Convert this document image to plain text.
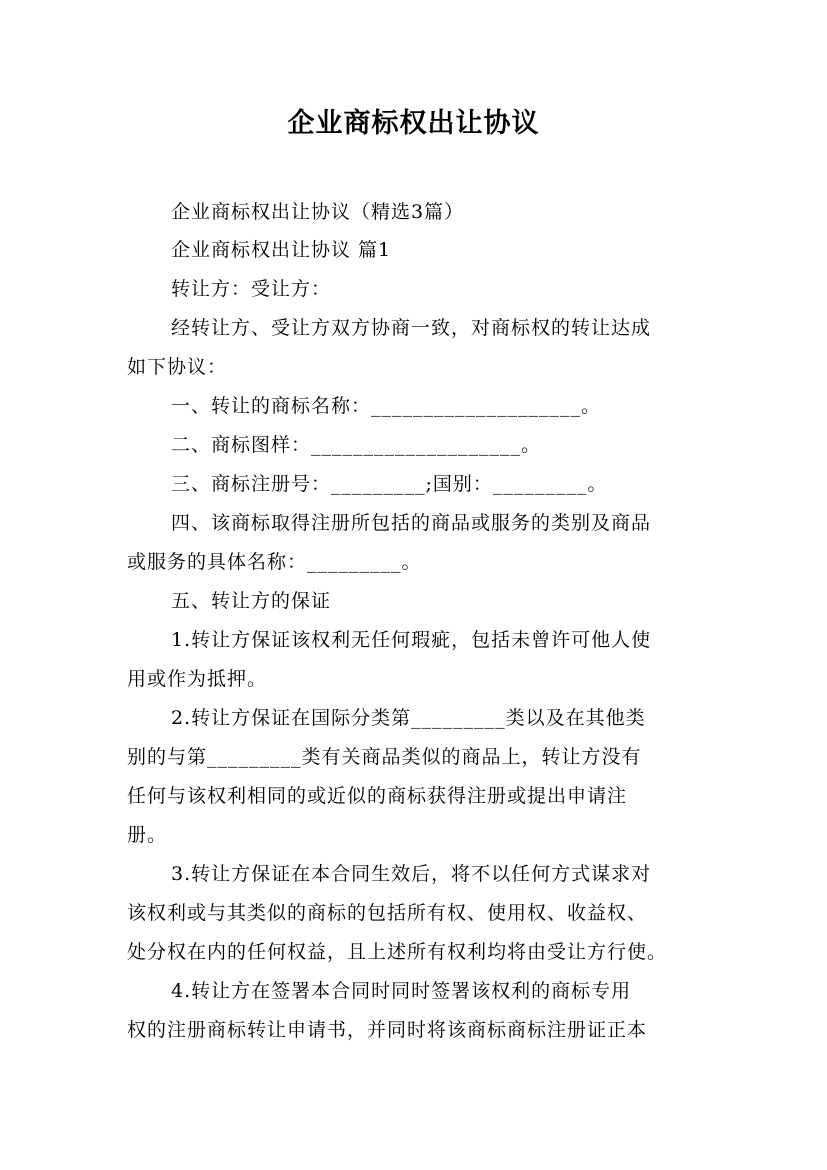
企业商标权出让协议
企业商标权出让协议（精选3篇）
企业商标权出让协议 篇1
转让方：受让方：
经转让方、受让方双方协商一致，对商标权的转让达成
如下协议：
一、转让的商标名称：____________________。
二、商标图样：____________________。
三、商标注册号：_________;国别：_________。
四、该商标取得注册所包括的商品或服务的类别及商品
或服务的具体名称：_________。
五、转让方的保证
1.转让方保证该权利无任何瑕疵，包括未曾许可他人使
用或作为抵押。
2.转让方保证在国际分类第_________类以及在其他类
别的与第_________类有关商品类似的商品上，转让方没有
任何与该权利相同的或近似的商标获得注册或提出申请注
册。
3.转让方保证在本合同生效后，将不以任何方式谋求对
该权利或与其类似的商标的包括所有权、使用权、收益权、
处分权在内的任何权益，且上述所有权利均将由受让方行使。
4.转让方在签署本合同时同时签署该权利的商标专用
权的注册商标转让申请书，并同时将该商标商标注册证正本
